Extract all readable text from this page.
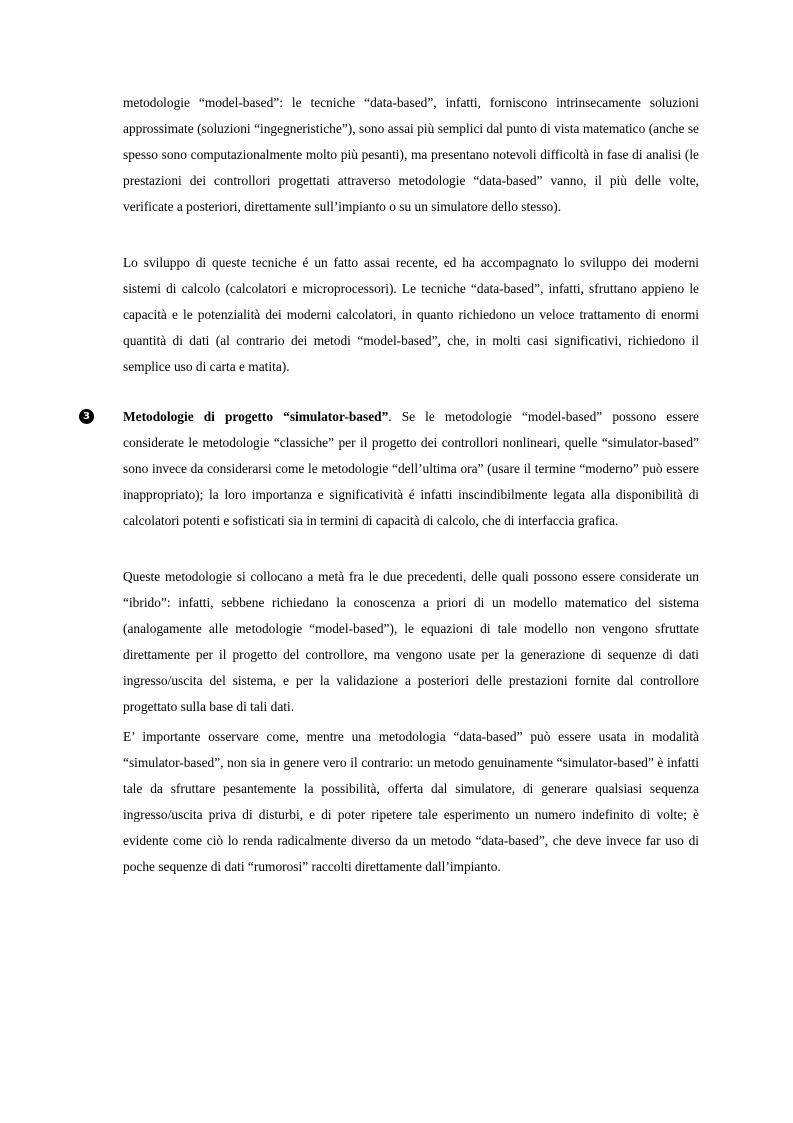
metodologie “model-based”: le tecniche “data-based”, infatti, forniscono intrinsecamente soluzioni approssimate (soluzioni “ingegneristiche”), sono assai più semplici dal punto di vista matematico (anche se spesso sono computazionalmente molto più pesanti), ma presentano notevoli difficoltà in fase di analisi (le prestazioni dei controllori progettati attraverso metodologie “data-based” vanno, il più delle volte, verificate a posteriori, direttamente sull’impianto o su un simulatore dello stesso).

Lo sviluppo di queste tecniche é un fatto assai recente, ed ha accompagnato lo sviluppo dei moderni sistemi di calcolo (calcolatori e microprocessori). Le tecniche “data-based”, infatti, sfruttano appieno le capacità e le potenzialità dei moderni calcolatori, in quanto richiedono un veloce trattamento di enormi quantità di dati (al contrario dei metodi “model-based”, che, in molti casi significativi, richiedono il semplice uso di carta e matita).

3 Metodologie di progetto “simulator-based”. Se le metodologie “model-based” possono essere considerate le metodologie “classiche” per il progetto dei controllori nonlineari, quelle “simulator-based” sono invece da considerarsi come le metodologie “dell’ultima ora” (usare il termine “moderno” può essere inappropriato); la loro importanza e significatività é infatti inscindibilmente legata alla disponibilità di calcolatori potenti e sofisticati sia in termini di capacità di calcolo, che di interfaccia grafica.

Queste metodologie si collocano a metà fra le due precedenti, delle quali possono essere considerate un “ibrido”: infatti, sebbene richiedano la conoscenza a priori di un modello matematico del sistema (analogamente alle metodologie “model-based”), le equazioni di tale modello non vengono sfruttate direttamente per il progetto del controllore, ma vengono usate per la generazione di sequenze di dati ingresso/uscita del sistema, e per la validazione a posteriori delle prestazioni fornite dal controllore progettato sulla base di tali dati.

E’ importante osservare come, mentre una metodologia “data-based” può essere usata in modalità “simulator-based”, non sia in genere vero il contrario: un metodo genuinamente “simulator-based” è infatti tale da sfruttare pesantemente la possibilità, offerta dal simulatore, di generare qualsiasi sequenza ingresso/uscita priva di disturbi, e di poter ripetere tale esperimento un numero indefinito di volte; è evidente come ciò lo renda radicalmente diverso da un metodo “data-based”, che deve invece far uso di poche sequenze di dati “rumorosi” raccolti direttamente dall’impianto.
